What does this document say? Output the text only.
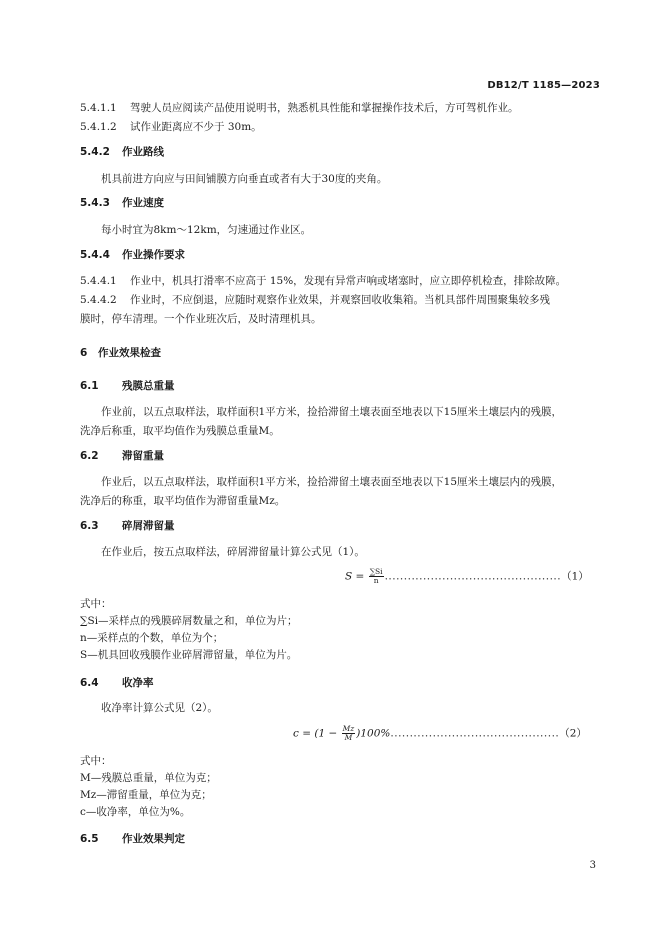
DB12/T 1185—2023
5.4.1.1 驾驶人员应阅读产品使用说明书，熟悉机具性能和掌握操作技术后，方可驾机作业。
5.4.1.2 试作业距离应不少于 30m。
5.4.2 作业路线
机具前进方向应与田间铺膜方向垂直或者有大于30度的夹角。
5.4.3 作业速度
每小时宜为8km～12km，匀速通过作业区。
5.4.4 作业操作要求
5.4.4.1 作业中，机具打滑率不应高于 15%，发现有异常声响或堵塞时，应立即停机检查，排除故障。
5.4.4.2 作业时，不应倒退，应随时观察作业效果，并观察回收收集箱。当机具部件周围聚集较多残
膜时，停车清理。一个作业班次后，及时清理机具。
6 作业效果检查
6.1 残膜总重量
作业前，以五点取样法，取样面积1平方米，捡拾滞留土壤表面至地表以下15厘米土壤层内的残膜，
洗净后称重，取平均值作为残膜总重量M。
6.2 滞留重量
作业后，以五点取样法，取样面积1平方米，捡拾滞留土壤表面至地表以下15厘米土壤层内的残膜，
洗净后的称重，取平均值作为滞留重量Mz。
6.3 碎屑滞留量
在作业后，按五点取样法，碎屑滞留量计算公式见（1）。
$S = \frac{\sum Si}{n} ..............................................(1)$
式中：
∑Si—采样点的残膜碎屑数量之和，单位为片；
n—采样点的个数，单位为个；
S—机具回收残膜作业碎屑滞留量，单位为片。
6.4 收净率
收净率计算公式见（2）。
$c = (1 - \frac{Mz}{M} )100\%............................................(2)$
式中：
M—残膜总重量，单位为克；
Mz—滞留重量，单位为克；
c—收净率，单位为%。
6.5 作业效果判定
3
